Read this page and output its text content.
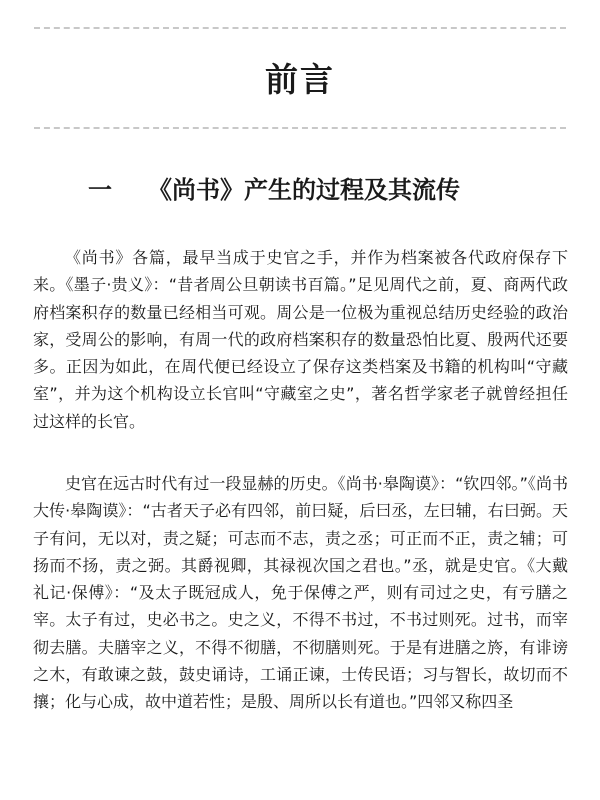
前言
一 《尚书》产生的过程及其流传

《尚书》各篇，最早当成于史官之手，并作为档案被各代政府保存下来。《墨子·贵义》：“昔者周公旦朝读书百篇。”足见周代之前，夏、商两代政府档案积存的数量已经相当可观。周公是一位极为重视总结历史经验的政治家，受周公的影响，有周一代的政府档案积存的数量恐怕比夏、殷两代还要多。正因为如此，在周代便已经设立了保存这类档案及书籍的机构叫“守藏室”，并为这个机构设立长官叫“守藏室之史”，著名哲学家老子就曾经担任过这样的长官。

史官在远古时代有过一段显赫的历史。《尚书·皋陶谟》：“钦四邻。”《尚书大传·皋陶谟》：“古者天子必有四邻，前曰疑，后曰丞，左曰辅，右曰弼。天子有问，无以对，责之疑；可志而不志，责之丞；可正而不正，责之辅；可扬而不扬，责之弼。其爵视卿，其禄视次国之君也。”丞，就是史官。《大戴礼记·保傅》：“及太子既冠成人，免于保傅之严，则有司过之史，有亏膳之宰。太子有过，史必书之。史之义，不得不书过，不书过则死。过书，而宰彻去膳。夫膳宰之义，不得不彻膳，不彻膳则死。于是有进膳之旍，有诽谤之木，有敢谏之鼓，鼓史诵诗，工诵正谏，士传民语；习与智长，故切而不攘；化与心成，故中道若性；是殷、周所以长有道也。”四邻又称四圣
